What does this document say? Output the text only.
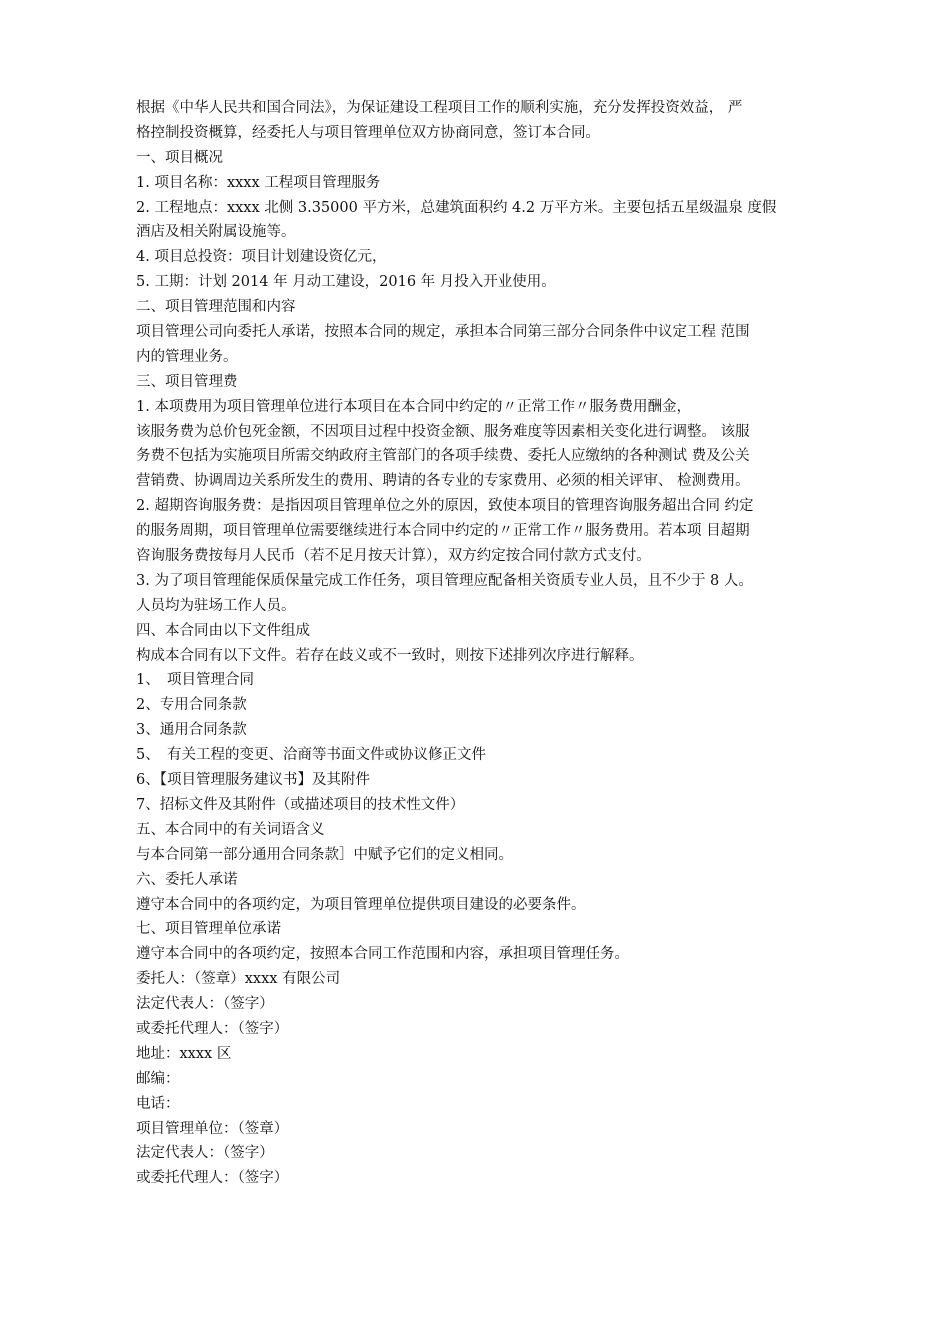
根据《中华人民共和国合同法》，为保证建设工程项目工作的顺利实施，充分发挥投资效益， 严
格控制投资概算，经委托人与项目管理单位双方协商同意，签订本合同。
一、项目概况
1. 项目名称：xxxx 工程项目管理服务
2. 工程地点：xxxx 北侧 3.35000 平方米，总建筑面积约 4.2 万平方米。主要包括五星级温泉 度假
酒店及相关附属设施等。
4. 项目总投资：项目计划建设资亿元，
5. 工期：计划 2014 年 月动工建设，2016 年 月投入开业使用。
二、项目管理范围和内容
项目管理公司向委托人承诺，按照本合同的规定，承担本合同第三部分合同条件中议定工程 范围
内的管理业务。
三、项目管理费
1. 本项费用为项目管理单位进行本项目在本合同中约定的〃正常工作〃服务费用酬金，
该服务费为总价包死金额，不因项目过程中投资金额、服务难度等因素相关变化进行调整。 该服
务费不包括为实施项目所需交纳政府主管部门的各项手续费、委托人应缴纳的各种测试 费及公关
营销费、协调周边关系所发生的费用、聘请的各专业的专家费用、必须的相关评审、 检测费用。
2. 超期咨询服务费：是指因项目管理单位之外的原因，致使本项目的管理咨询服务超出合同 约定
的服务周期，项目管理单位需要继续进行本合同中约定的〃正常工作〃服务费用。若本项 目超期
咨询服务费按每月人民币（若不足月按天计算），双方约定按合同付款方式支付。
3. 为了项目管理能保质保量完成工作任务，项目管理应配备相关资质专业人员，且不少于 8 人。
人员均为驻场工作人员。
四、本合同由以下文件组成
构成本合同有以下文件。若存在歧义或不一致时，则按下述排列次序进行解释。
1、　项目管理合同
2、专用合同条款
3、通用合同条款
5、　有关工程的变更、洽商等书面文件或协议修正文件
6、【项目管理服务建议书】及其附件
7、招标文件及其附件（或描述项目的技术性文件）
五、本合同中的有关词语含义
与本合同第一部分通用合同条款］中赋予它们的定义相同。
六、委托人承诺
遵守本合同中的各项约定，为项目管理单位提供项目建设的必要条件。
七、项目管理单位承诺
遵守本合同中的各项约定，按照本合同工作范围和内容，承担项目管理任务。
委托人：（签章）xxxx 有限公司
法定代表人：（签字）
或委托代理人：（签字）
地址：xxxx 区
邮编：
电话：
项目管理单位：（签章）
法定代表人：（签字）
或委托代理人：（签字）
